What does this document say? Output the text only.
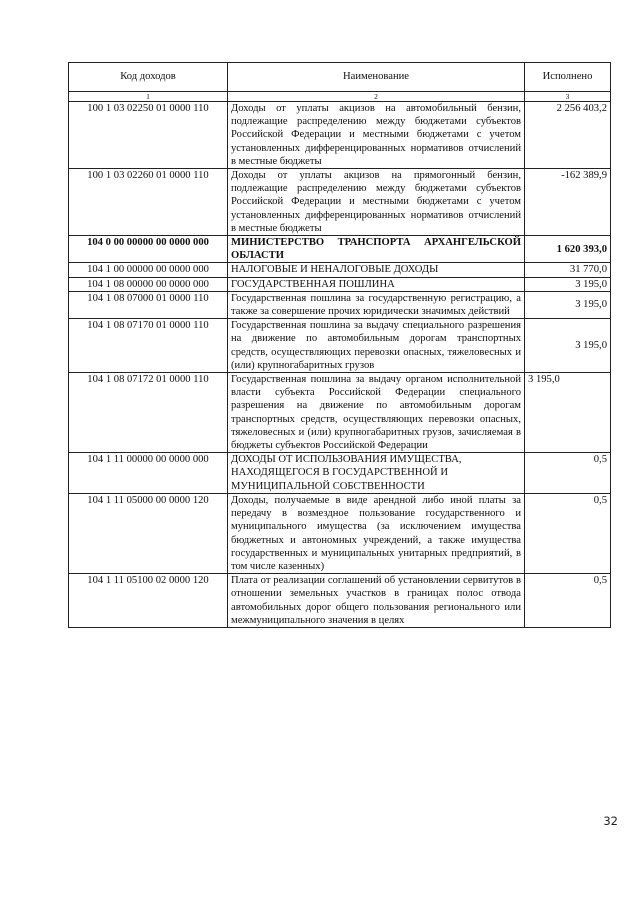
Код доходов	Наименование	Исполнено
1	2	3
100 1 03 02250 01 0000 110	Доходы от уплаты акцизов на автомобильный бензин, подлежащие распределению между бюджетами субъектов Российской Федерации и местными бюджетами с учетом установленных дифференцированных нормативов отчислений в местные бюджеты	2 256 403,2
100 1 03 02260 01 0000 110	Доходы от уплаты акцизов на прямогонный бензин, подлежащие распределению между бюджетами субъектов Российской Федерации и местными бюджетами с учетом установленных дифференцированных нормативов отчислений в местные бюджеты	-162 389,9
104 0 00 00000 00 0000 000	МИНИСТЕРСТВО ТРАНСПОРТА АРХАНГЕЛЬСКОЙ ОБЛАСТИ	1 620 393,0
104 1 00 00000 00 0000 000	НАЛОГОВЫЕ И НЕНАЛОГОВЫЕ ДОХОДЫ	31 770,0
104 1 08 00000 00 0000 000	ГОСУДАРСТВЕННАЯ ПОШЛИНА	3 195,0
104 1 08 07000 01 0000 110	Государственная пошлина за государственную регистрацию, а также за совершение прочих юридически значимых действий	3 195,0
104 1 08 07170 01 0000 110	Государственная пошлина за выдачу специального разрешения на движение по автомобильным дорогам транспортных средств, осуществляющих перевозки опасных, тяжеловесных и (или) крупногабаритных грузов	3 195,0
104 1 08 07172 01 0000 110	Государственная пошлина за выдачу органом исполнительной власти субъекта Российской Федерации специального разрешения на движение по автомобильным дорогам транспортных средств, осуществляющих перевозки опасных, тяжеловесных и (или) крупногабаритных грузов, зачисляемая в бюджеты субъектов Российской Федерации	3 195,0
104 1 11 00000 00 0000 000	ДОХОДЫ ОТ ИСПОЛЬЗОВАНИЯ ИМУЩЕСТВА, НАХОДЯЩЕГОСЯ В ГОСУДАРСТВЕННОЙ И МУНИЦИПАЛЬНОЙ СОБСТВЕННОСТИ	0,5
104 1 11 05000 00 0000 120	Доходы, получаемые в виде арендной либо иной платы за передачу в возмездное пользование государственного и муниципального имущества (за исключением имущества бюджетных и автономных учреждений, а также имущества государственных и муниципальных унитарных предприятий, в том числе казенных)	0,5
104 1 11 05100 02 0000 120	Плата от реализации соглашений об установлении сервитутов в отношении земельных участков в границах полос отвода автомобильных дорог общего пользования регионального или межмуниципального значения в целях	0,5
32
